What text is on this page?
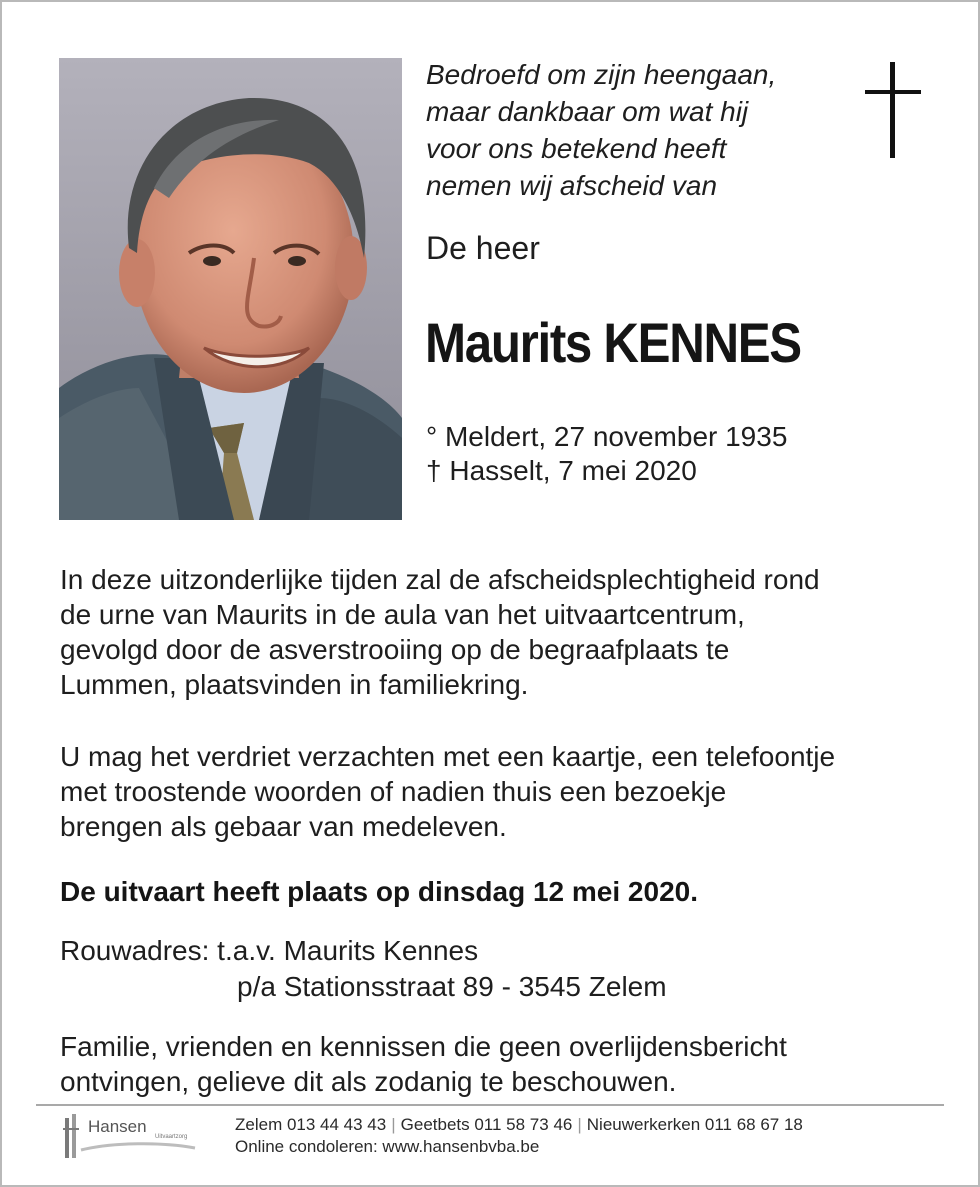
Bedroefd om zijn heengaan,
maar dankbaar om wat hij
voor ons betekend heeft
nemen wij afscheid van
De heer
Maurits KENNES
° Meldert, 27 november 1935
† Hasselt, 7 mei 2020
In deze uitzonderlijke tijden zal de afscheidsplechtigheid rond
de urne van Maurits in de aula van het uitvaartcentrum,
gevolgd door de asverstrooiing op de begraafplaats te
Lummen, plaatsvinden in familiekring.
U mag het verdriet verzachten met een kaartje, een telefoontje
met troostende woorden of nadien thuis een bezoekje
brengen als gebaar van medeleven.
De uitvaart heeft plaats op dinsdag 12 mei 2020.
Rouwadres: t.a.v. Maurits Kennes
p/a Stationsstraat 89 - 3545 Zelem
Familie, vrienden en kennissen die geen overlijdensbericht
ontvingen, gelieve dit als zodanig te beschouwen.
Hansen
Uitvaartzorg
Zelem 013 44 43 43 | Geetbets 011 58 73 46 | Nieuwerkerken 011 68 67 18
Online condoleren: www.hansenbvba.be
